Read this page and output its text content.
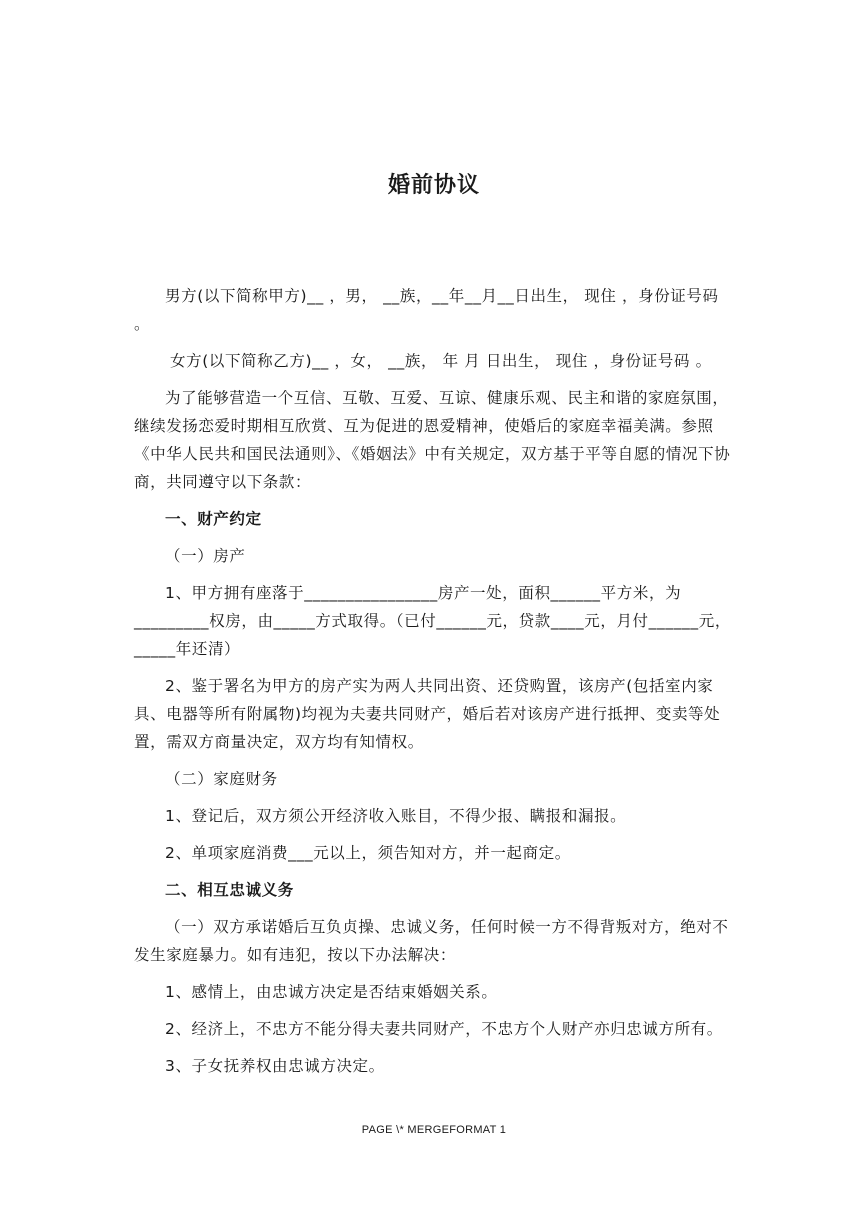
婚前协议

男方(以下简称甲方)__ ，男， __族，__年__月__日出生， 现住 ，身份证号码 。

女方(以下简称乙方)__ ，女， __族， 年 月 日出生， 现住 ，身份证号码 。

为了能够营造一个互信、互敬、互爱、互谅、健康乐观、民主和谐的家庭氛围，继续发扬恋爱时期相互欣赏、互为促进的恩爱精神，使婚后的家庭幸福美满。参照《中华人民共和国民法通则》、《婚姻法》中有关规定，双方基于平等自愿的情况下协商，共同遵守以下条款：

一、财产约定

（一）房产

1、甲方拥有座落于________________房产一处，面积______平方米，为_________权房，由_____方式取得。（已付______元，贷款____元，月付______元，_____年还清）

2、鉴于署名为甲方的房产实为两人共同出资、还贷购置，该房产(包括室内家具、电器等所有附属物)均视为夫妻共同财产，婚后若对该房产进行抵押、变卖等处置，需双方商量决定，双方均有知情权。

（二）家庭财务

1、登记后，双方须公开经济收入账目，不得少报、瞒报和漏报。

2、单项家庭消费___元以上，须告知对方，并一起商定。

二、相互忠诚义务

（一）双方承诺婚后互负贞操、忠诚义务，任何时候一方不得背叛对方，绝对不发生家庭暴力。如有违犯，按以下办法解决：

1、感情上，由忠诚方决定是否结束婚姻关系。

2、经济上，不忠方不能分得夫妻共同财产，不忠方个人财产亦归忠诚方所有。

3、子女抚养权由忠诚方决定。

PAGE \* MERGEFORMAT 1
